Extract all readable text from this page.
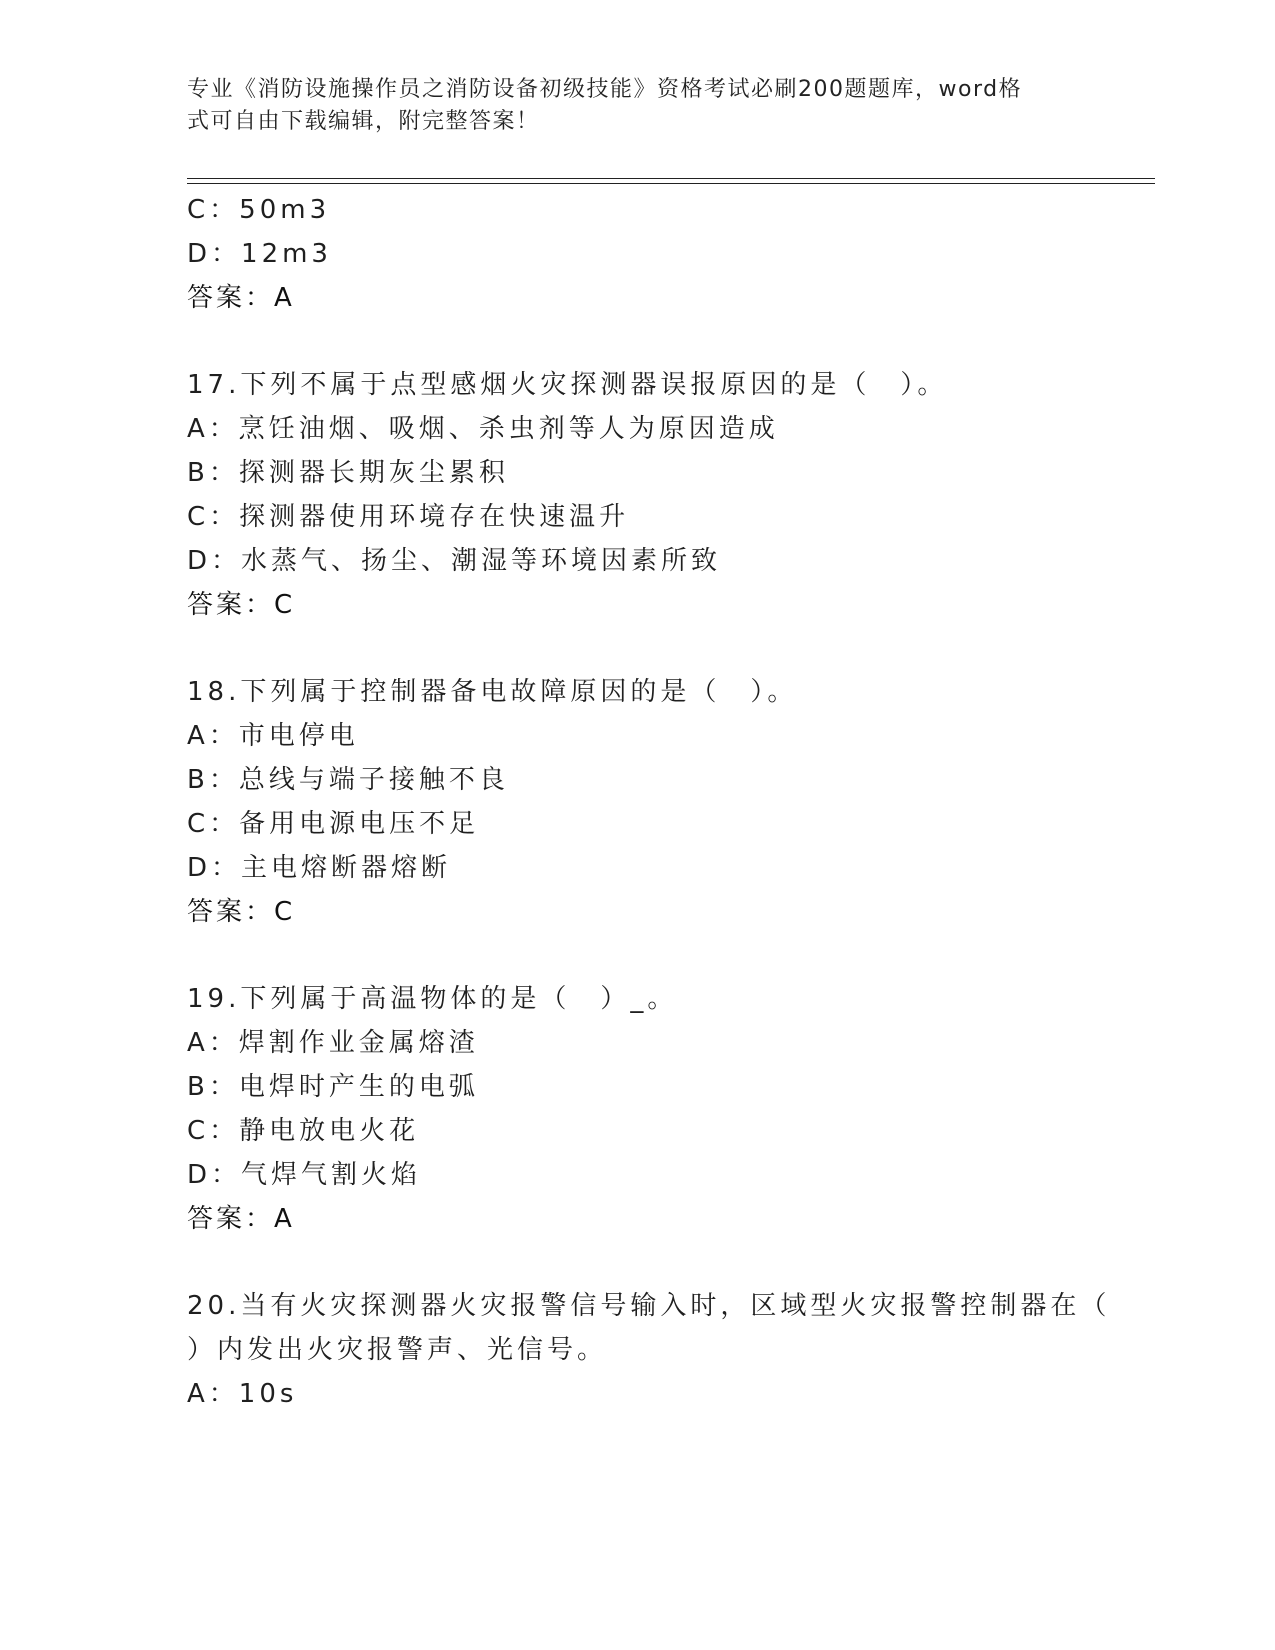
专业《消防设施操作员之消防设备初级技能》资格考试必刷200题题库，word格
式可自由下载编辑，附完整答案！
C：50m3
D：12m3
答案：A
17.下列不属于点型感烟火灾探测器误报原因的是（　）。
A：烹饪油烟、吸烟、杀虫剂等人为原因造成
B：探测器长期灰尘累积
C：探测器使用环境存在快速温升
D：水蒸气、扬尘、潮湿等环境因素所致
答案：C
18.下列属于控制器备电故障原因的是（　）。
A：市电停电
B：总线与端子接触不良
C：备用电源电压不足
D：主电熔断器熔断
答案：C
19.下列属于高温物体的是（　）_。
A：焊割作业金属熔渣
B：电焊时产生的电弧
C：静电放电火花
D：气焊气割火焰
答案：A
20.当有火灾探测器火灾报警信号输入时，区域型火灾报警控制器在（
）内发出火灾报警声、光信号。
A：10s
